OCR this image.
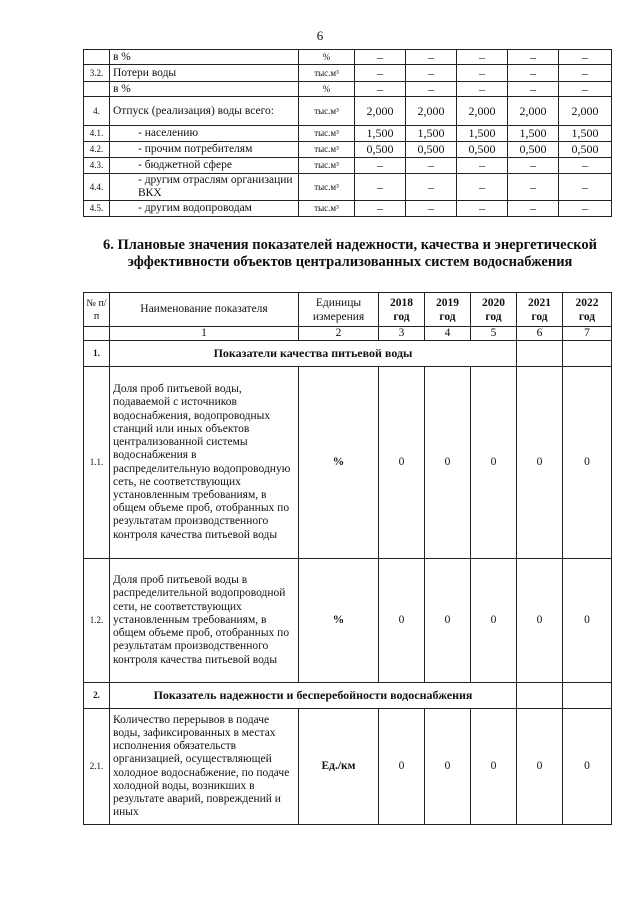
6
	в %	%	–	–	–	–	–
3.2.	Потери воды	тыс.м³	–	–	–	–	–
	в %	%	–	–	–	–	–
4.	Отпуск (реализация) воды всего:	тыс.м³	2,000	2,000	2,000	2,000	2,000
4.1.	- населению	тыс.м³	1,500	1,500	1,500	1,500	1,500
4.2.	- прочим потребителям	тыс.м³	0,500	0,500	0,500	0,500	0,500
4.3.	- бюджетной сфере	тыс.м³	–	–	–	–	–
4.4.	- другим отраслям организации ВКХ	тыс.м³	–	–	–	–	–
4.5.	- другим водопроводам	тыс.м³	–	–	–	–	–
6. Плановые значения показателей надежности, качества и энергетической эффективности объектов централизованных систем водоснабжения
№ п/п	Наименование показателя	Единицы измерения	2018 год	2019 год	2020 год	2021 год	2022 год
	1	2	3	4	5	6	7
1.	Показатели качества питьевой воды						
1.1.	Доля проб питьевой воды, подаваемой с источников водоснабжения, водопроводных станций или иных объектов централизованной системы водоснабжения в распределительную водопроводную сеть, не соответствующих установленным требованиям, в общем объеме проб, отобранных по результатам производственного контроля качества питьевой воды	%	0	0	0	0	0
1.2.	Доля проб питьевой воды в распределительной водопроводной сети, не соответствующих установленным требованиям, в общем объеме проб, отобранных по результатам производственного контроля качества питьевой воды	%	0	0	0	0	0
2.	Показатель надежности и бесперебойности водоснабжения						
2.1.	Количество перерывов в подаче воды, зафиксированных в местах исполнения обязательств организацией, осуществляющей холодное водоснабжение, по подаче холодной воды, возникших в результате аварий, повреждений и иных	Ед./км	0	0	0	0	0
